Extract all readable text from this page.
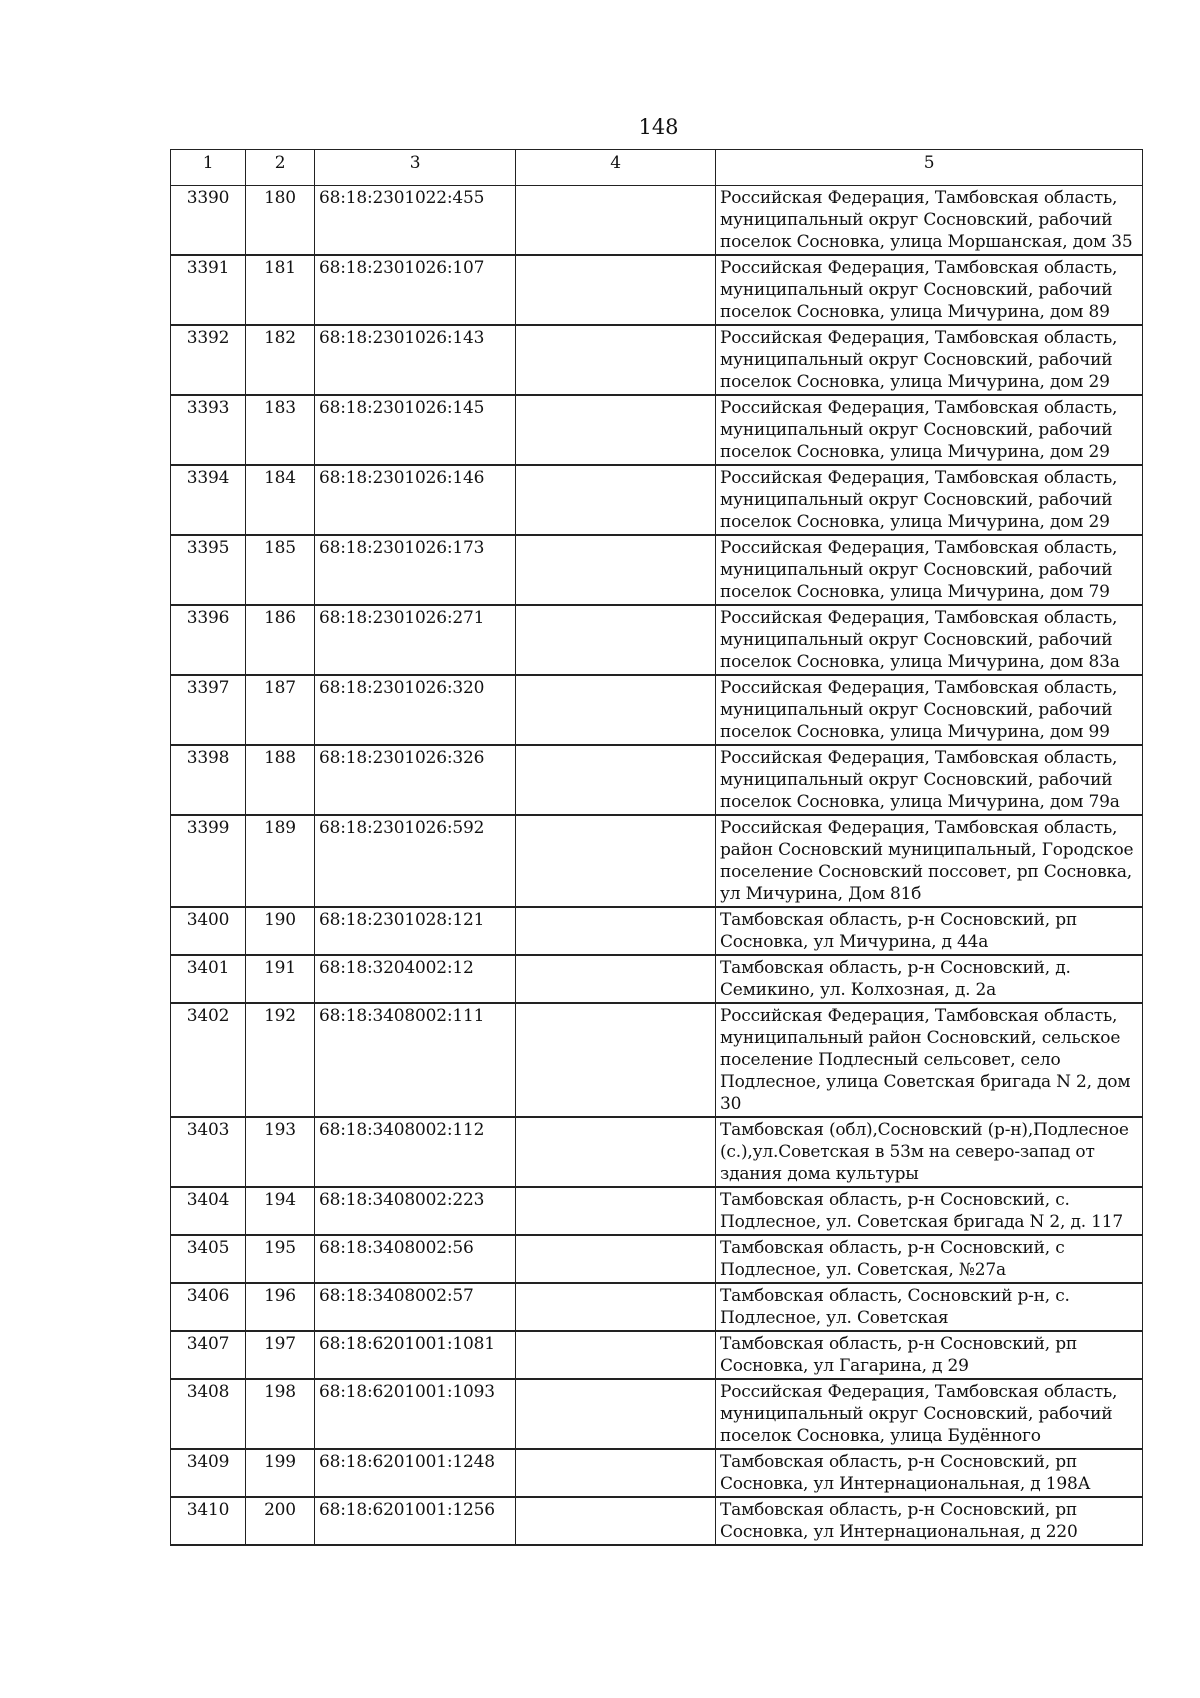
148
1	2	3	4	5
3390	180	68:18:2301022:455		Российская Федерация, Тамбовская область, муниципальный округ Сосновский, рабочий поселок Сосновка, улица Моршанская, дом 35
3391	181	68:18:2301026:107		Российская Федерация, Тамбовская область, муниципальный округ Сосновский, рабочий поселок Сосновка, улица Мичурина, дом 89
3392	182	68:18:2301026:143		Российская Федерация, Тамбовская область, муниципальный округ Сосновский, рабочий поселок Сосновка, улица Мичурина, дом 29
3393	183	68:18:2301026:145		Российская Федерация, Тамбовская область, муниципальный округ Сосновский, рабочий поселок Сосновка, улица Мичурина, дом 29
3394	184	68:18:2301026:146		Российская Федерация, Тамбовская область, муниципальный округ Сосновский, рабочий поселок Сосновка, улица Мичурина, дом 29
3395	185	68:18:2301026:173		Российская Федерация, Тамбовская область, муниципальный округ Сосновский, рабочий поселок Сосновка, улица Мичурина, дом 79
3396	186	68:18:2301026:271		Российская Федерация, Тамбовская область, муниципальный округ Сосновский, рабочий поселок Сосновка, улица Мичурина, дом 83а
3397	187	68:18:2301026:320		Российская Федерация, Тамбовская область, муниципальный округ Сосновский, рабочий поселок Сосновка, улица Мичурина, дом 99
3398	188	68:18:2301026:326		Российская Федерация, Тамбовская область, муниципальный округ Сосновский, рабочий поселок Сосновка, улица Мичурина, дом 79а
3399	189	68:18:2301026:592		Российская Федерация, Тамбовская область, район Сосновский муниципальный, Городское поселение Сосновский поссовет, рп Сосновка, ул Мичурина, Дом 81б
3400	190	68:18:2301028:121		Тамбовская область, р-н Сосновский, рп Сосновка, ул Мичурина, д 44а
3401	191	68:18:3204002:12		Тамбовская область, р-н Сосновский, д. Семикино, ул. Колхозная, д. 2а
3402	192	68:18:3408002:111		Российская Федерация, Тамбовская область, муниципальный район Сосновский, сельское поселение Подлесный сельсовет, село Подлесное, улица Советская бригада N 2, дом 30
3403	193	68:18:3408002:112		Тамбовская (обл),Сосновский (р-н),Подлесное (с.),ул.Советская в 53м на северо-запад от здания дома культуры
3404	194	68:18:3408002:223		Тамбовская область, р-н Сосновский, с. Подлесное, ул. Советская бригада N 2, д. 117
3405	195	68:18:3408002:56		Тамбовская область, р-н Сосновский, с Подлесное, ул. Советская, №27а
3406	196	68:18:3408002:57		Тамбовская область, Сосновский р-н, с. Подлесное, ул. Советская
3407	197	68:18:6201001:1081		Тамбовская область, р-н Сосновский, рп Сосновка, ул Гагарина, д 29
3408	198	68:18:6201001:1093		Российская Федерация, Тамбовская область, муниципальный округ Сосновский, рабочий поселок Сосновка, улица Будённого
3409	199	68:18:6201001:1248		Тамбовская область, р-н Сосновский, рп Сосновка, ул Интернациональная, д 198А
3410	200	68:18:6201001:1256		Тамбовская область, р-н Сосновский, рп Сосновка, ул Интернациональная, д 220
